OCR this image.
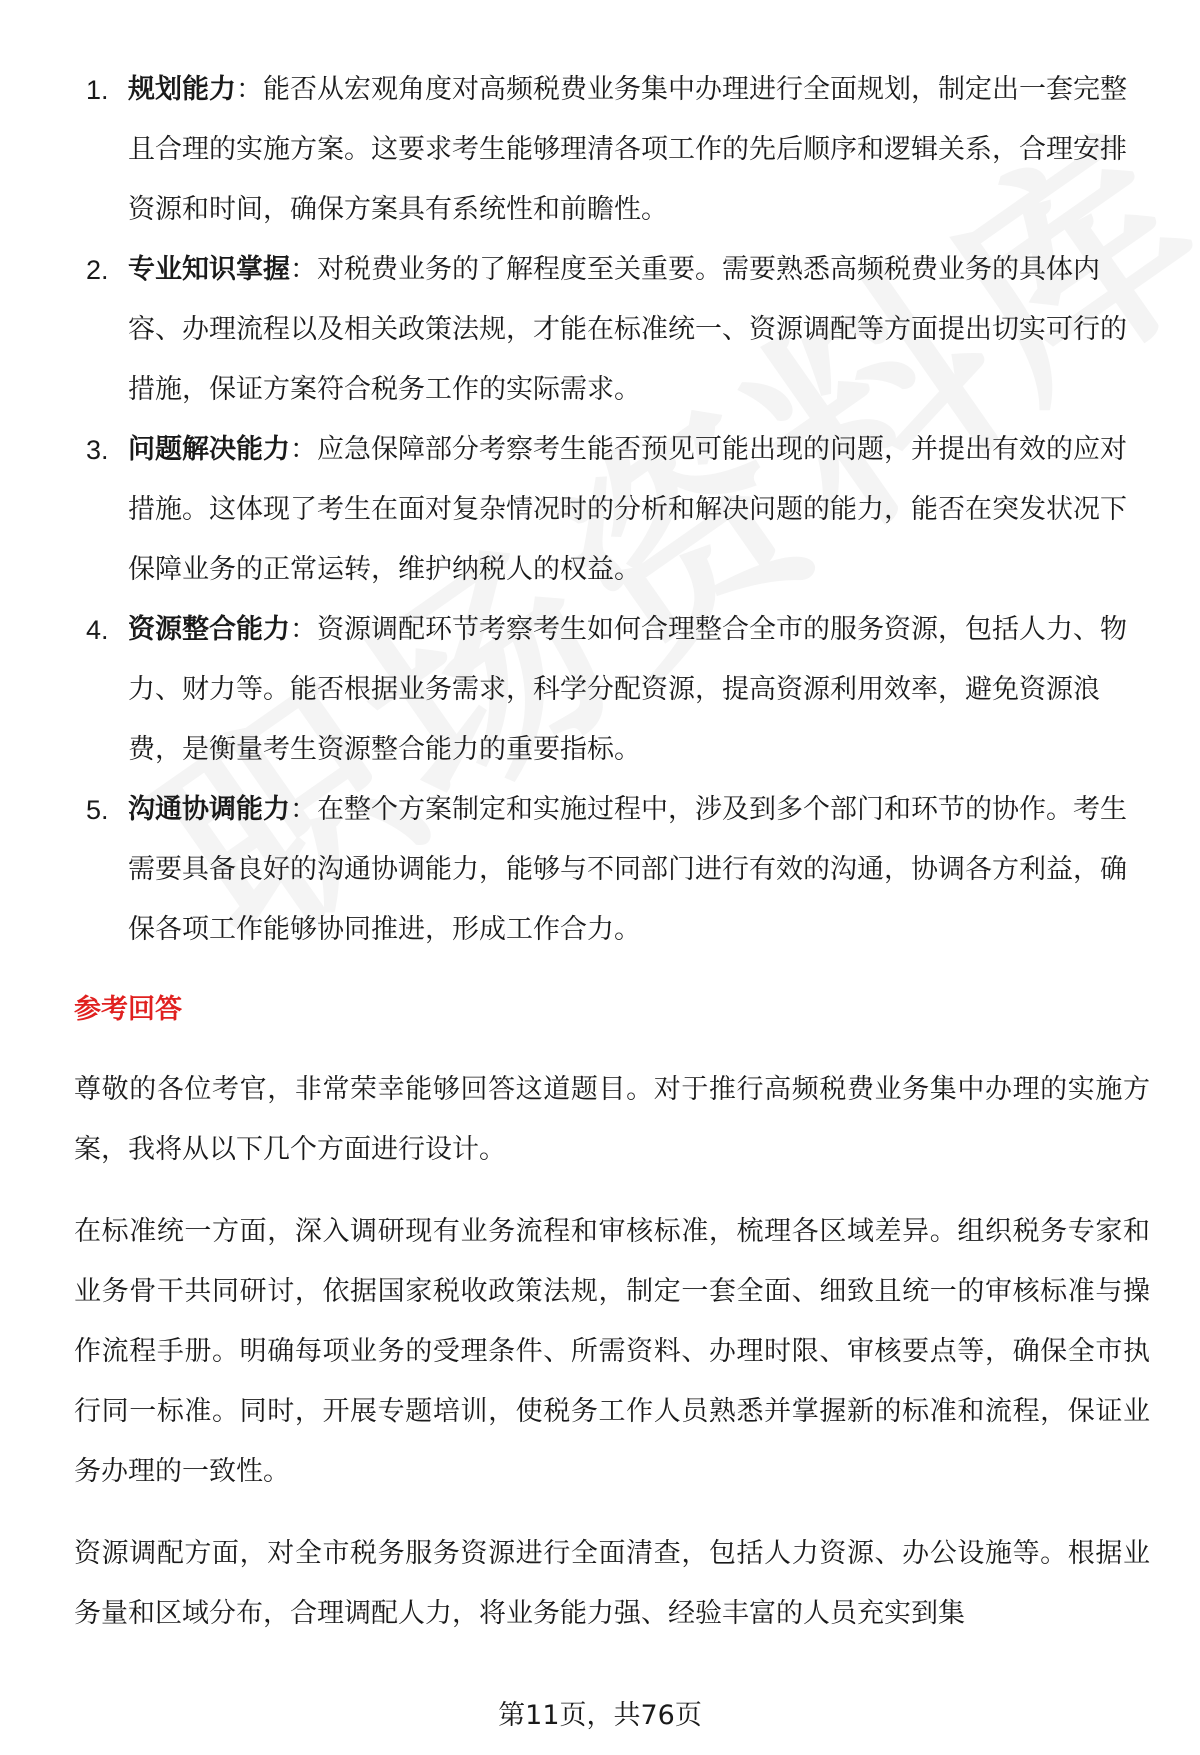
1. 规划能力：能否从宏观角度对高频税费业务集中办理进行全面规划，制定出一套完整且合理的实施方案。这要求考生能够理清各项工作的先后顺序和逻辑关系，合理安排资源和时间，确保方案具有系统性和前瞻性。
2. 专业知识掌握：对税费业务的了解程度至关重要。需要熟悉高频税费业务的具体内容、办理流程以及相关政策法规，才能在标准统一、资源调配等方面提出切实可行的措施，保证方案符合税务工作的实际需求。
3. 问题解决能力：应急保障部分考察考生能否预见可能出现的问题，并提出有效的应对措施。这体现了考生在面对复杂情况时的分析和解决问题的能力，能否在突发状况下保障业务的正常运转，维护纳税人的权益。
4. 资源整合能力：资源调配环节考察考生如何合理整合全市的服务资源，包括人力、物力、财力等。能否根据业务需求，科学分配资源，提高资源利用效率，避免资源浪费，是衡量考生资源整合能力的重要指标。
5. 沟通协调能力：在整个方案制定和实施过程中，涉及到多个部门和环节的协作。考生需要具备良好的沟通协调能力，能够与不同部门进行有效的沟通，协调各方利益，确保各项工作能够协同推进，形成工作合力。
参考回答

尊敬的各位考官，非常荣幸能够回答这道题目。对于推行高频税费业务集中办理的实施方案，我将从以下几个方面进行设计。

在标准统一方面，深入调研现有业务流程和审核标准，梳理各区域差异。组织税务专家和业务骨干共同研讨，依据国家税收政策法规，制定一套全面、细致且统一的审核标准与操作流程手册。明确每项业务的受理条件、所需资料、办理时限、审核要点等，确保全市执行同一标准。同时，开展专题培训，使税务工作人员熟悉并掌握新的标准和流程，保证业务办理的一致性。

资源调配方面，对全市税务服务资源进行全面清查，包括人力资源、办公设施等。根据业务量和区域分布，合理调配人力，将业务能力强、经验丰富的人员充实到集

第11页，共76页
